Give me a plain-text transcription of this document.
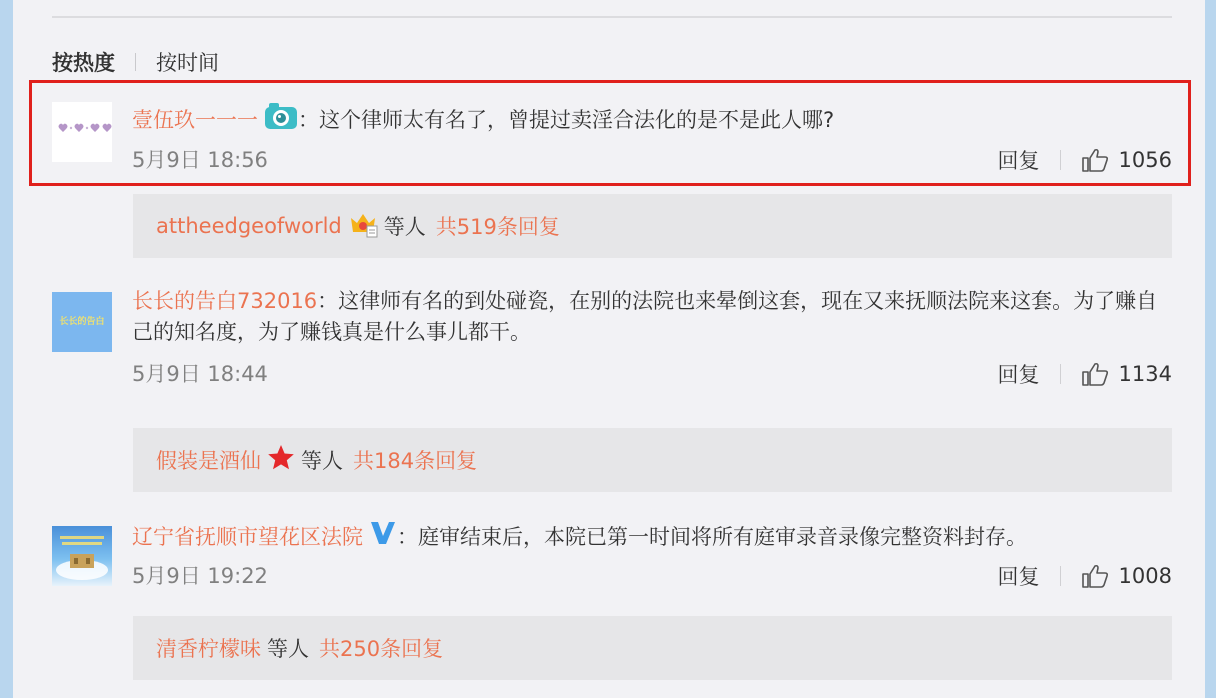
按热度 按时间
壹伍玖一一一 ：这个律师太有名了，曾提过卖淫合法化的是不是此人哪?
5月9日 18:56	回复	1056
attheedgeofworld 等人 共519条回复
长长的告白
长长的告白732016：这律师有名的到处碰瓷，在别的法院也来晕倒这套，现在又来抚顺法院来这套。为了赚自己的知名度，为了赚钱真是什么事儿都干。
5月9日 18:44	回复	1134
假装是酒仙 等人 共184条回复
辽宁省抚顺市望花区法院 ：庭审结束后，本院已第一时间将所有庭审录音录像完整资料封存。
5月9日 19:22	回复	1008
清香柠檬味 等人 共250条回复
